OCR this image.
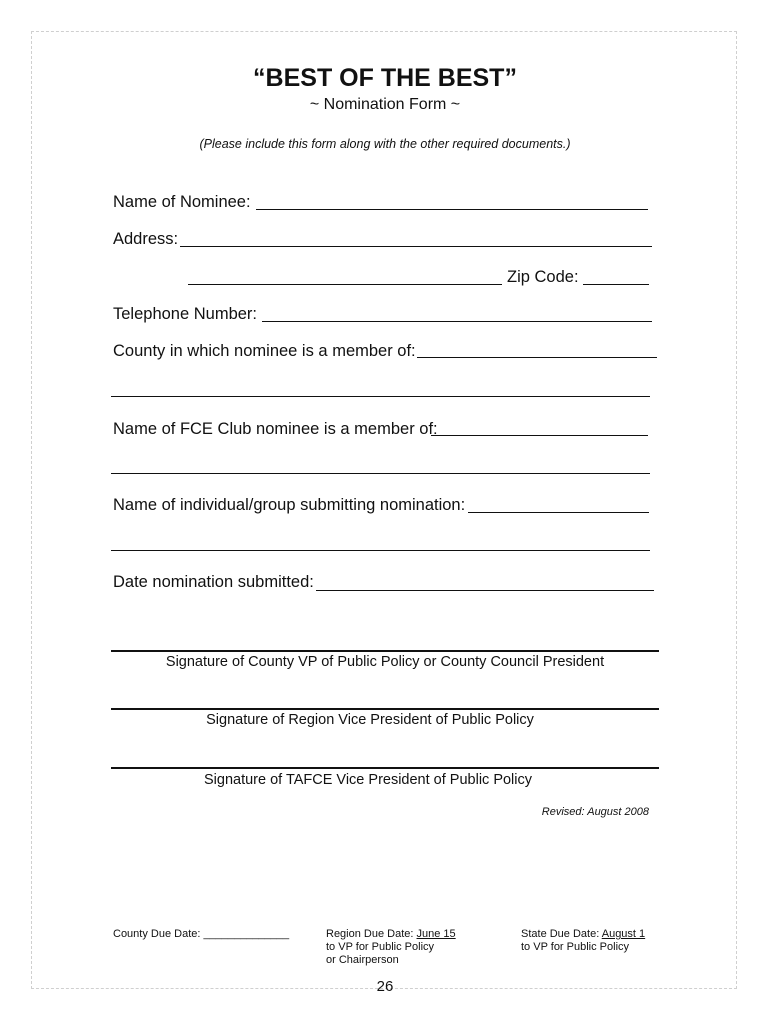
“BEST OF THE BEST”
~ Nomination Form ~
(Please include this form along with the other required documents.)
Name of Nominee:
Address:
Zip Code:
Telephone Number:
County in which nominee is a member of:
Name of FCE Club nominee is a member of:
Name of individual/group submitting nomination:
Date nomination submitted:
Signature of County VP of Public Policy or County Council President
Signature of Region Vice President of Public Policy
Signature of TAFCE Vice President of Public Policy
Revised: August 2008
County Due Date: ______________	Region Due Date: June 15
to VP for Public Policy
or Chairperson
State Due Date: August 1
to VP for Public Policy
26
